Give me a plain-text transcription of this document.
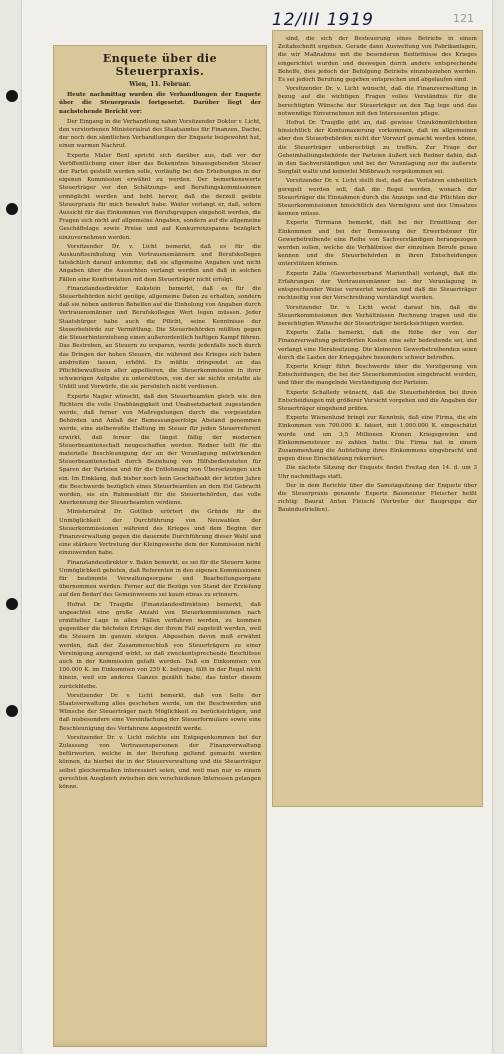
12/III 1919	121
Enquete über die Steuerpraxis.
Wien, 11. Februar.

Heute nachmittag wurden die Verhandlungen der Enquete über die Steuerpraxis fortgesetzt. Darüber liegt der nachstehende Bericht vor:

Der Eingang in die Verhandlung nahm Vorsitzender Doktor v. Licht, den verstorbenen Ministerialrat des Staatsamtes für Finanzen, Dacho, der noch den sämtlichen Verhandlungen der Enquete beigewohnt hat, einen warmen Nachruf.

Experte Maler Benl spricht sich darüber aus, daß vor der Veröffentlichung einer über das Bekenntnis hinausgehenden Steuer der Partei gestellt werden solle, vorläufig bei den Erhebungen in der eigenen Kommission erwähnt zu werden. Der bemerkenswerte Steuerträger vor den Schätzungs- und Berufungskommissionen ermöglicht werden und hebt hervor, daß die derzeit geübte Steuerpraxis für mich bewahrt habe. Weiter verlangt er, daß, sofern Aussicht für das Einkommen von Berufsgruppen eingeholt werden, die Fragen sich nicht auf allgemeine Angaben, sondern auf die allgemeine Geschäftslage sowie Preise und auf Konkurrenzspanne bezüglich einzuvernehmen werden.

Vorsitzender Dr. v. Licht bemerkt, daß es für die Auskunftseinholung von Vertrauensmännern und Berufskollegen tatsächlich darauf ankomme, daß sie allgemeine Angaben und nicht Angaben über die Aussichten verlangt werden und daß in solchen Fällen eine Konfrontation mit dem Steuerträger nicht erfolgt.

Finanzlandesdirektor Kokstein bemerkt, daß es für die Steuerbehörden nicht genüge, allgemeine Daten zu erhalten, sondern daß sie neben anderen Behelfen auf die Einholung von Angaben durch Vertrauensmänner und Berufskollegen Wert legen müssen. Jeder Staatsbürger habe auch die Pflicht, seine Kenntnisse der Steuerbehörde zur Vermittlung. Die Steuerbehörden müßten gegen die Steuerhinterziehung einen außerordentlich heftigen Kampf führen. Das Bestreben, an Steuern zu ersparen, werde jedenfalls noch durch das Dringen der hohen Steuern, die während des Krieges sich haben ansbreiten lassen, erhöht. Es müßte dringendst an das Pflichtbewußtsein aller appellieren, die Steuerkommission in ihrer schwierigen Aufgabe zu unterstützen, von der sie nichts erstatte als Unbill und Vorwürfe, die sie persönlich nicht verdienen.

Experte Nagler wünscht, daß den Steuerbeamten gleich wie den Richtern die volle Unabhängigkeit und Unabsetzbarkeit zugestanden werde, daß ferner von Maßregelungen durch die vorgesetzten Behörden und Anlaß der Bemessungserfolge Abstand genommen werde, eine zielbewußte Haltung im Steuer für jeden Steuerreferent erwirkt, daß ferner die längst fällig der modernen Steuerbeamtenschaft neugeschaffen werden. Redner teilt für die materielle Beschleunigung der an der Veranlagung mitwirkenden Steuerbeamtenschaft durch Beziehung von Hilfsbediensteten für Sparen der Parteien und für die Entlohnung von Übersetzungen sich ein. Im Einklang, daß bisher noch kein Geschäftsakt der letzten Jahre die Beschwerde bezüglich eines Steuerbeamten an dem Eid Gebracht worden, sie ein Ruhmesblatt für die Steuerbehörden, das volle Anerkennung der Steuerbeamten verdiene.

Ministerialrat Dr. Gottlieb erörtert die Gründe für die Unmöglichkeit der Durchführung von Neuwahlen der Steuerkommissionen während des Krieges und dem Beginn der Finanzverwaltung gegen die dauernde Durchführung dieser Wahl und eine stärkere Vertretung der Kleingewerbe dem der Kommission nicht einzuwenden habe.

Finanzlandesdirektor v. Bakin bemerkt, es sei für die Steuern keine Unmöglichkeit geboten, daß Referenten in den eigenen Kommissionen für bestimmte Verwaltungsorgane und Bearbeitungsorgane übernommen werden. Ferner auf die Bezüge von Stand der Erzielung auf den Bedarf des Gemeinwesens sei kaum etwas zu erinnern.

Hofrat Dr. Traujdle (Finanzlandesdirektion) bemerkt, daß ungeachtet eine große Anzahl von Steuerkommissionen nach ermittelter Lage in allen Fällen verfahren werden, zu kommen gegenüber die höchsten Erträge der ihrem Fall zugeteilt werden, weil die Steuern im ganzen steigen. Abgesehen davon muß erwähnt werden, daß der Zusammenschluß von Steuerträgern zu einer Vereinigung anregend wirkt, so daß zweckentsprechende Beschlüsse auch in der Kommission gefaßt werden. Daß ein Einkommen von 100.000 K. im Einkommen von 250 K. betrage, fällt in der Regel nicht hinein, weil ein anderes Ganzes gezählt habe, das hinter diesem zurückbleibe.

Vorsitzender Dr. v. Licht bemerkt, daß von Seite der Staatsverwaltung alles geschehen werde, um die Beschwerden und Wünsche der Steuerträger nach Möglichkeit zu berücksichtigen, und daß insbesondere eine Vereinfachung der Steuerformulare sowie eine Beschleunigung des Verfahrens angestrebt werde.

Vorsitzender Dr. v. Licht möchte ein Entgegenkommen bei der Zulassung von Vertrauenspersonen der Finanzverwaltung befürworten, welche in der Berufung geltend gemacht werden können, da hierbei die in der Steuerverwaltung und die Steuerträger selbst gleichermaßen interessiert seien, und weil man nur so einem gerechten Ausgleich zwischen den verschiedenen Interessen gelangen könne.

sind, die sich der Besteuerung eines Betriebs in einem Zeitabschnitt ergeben. Gerade dann Ausweitung von Fabrikanlagen, die wir Maßnahme mit die besonderen Bedürfnisse des Krieges eingerichtet wurden und deswegen durch andere entsprechende Behelfe, dies jedoch der Befolgung Betriebs einzubeziehen werden. Es sei jedoch Berufung gegeben entsprechen und abgelaufen sind.

Vorsitzender Dr. v. Licht wünscht, daß die Finanzverwaltung in bezug auf die wichtigen Fragen volles Verständnis für die berechtigten Wünsche der Steuerträger an den Tag lege und das notwendige Einvernehmen mit den Interessenten pflege.

Hofrat Dr. Traujdle gibt an, daß gewisse Unzukömmlichkeiten hinsichtlich der Kontumazierung vorkommen, daß im allgemeinen aber den Steuerbehörden nicht der Vorwurf gemacht werden könne, die Steuerträger unberechtigt zu treffen. Zur Frage der Geheimhaltungsbehörde der Parteien äußert sich Redner dahin, daß in den Sachverständigen und bei der Veranlagung nur die äußerste Sorgfalt walte und keinerlei Mißbrauch vorgekommen sei.

Vorsitzender Dr. v. Licht stellt fest, daß das Verfahren einheitlich geregelt werden soll, daß die Regel werden, wonach der Steuerträger die Einnahmen durch die Anzeige und die Pflichten der Steuerkommissionen hinsichtlich des Vermögens und des Umsatzes kennen müsse.

Experte Tirrmann bemerkt, daß bei der Ermittlung der Einkommen und bei der Bemessung der Erwerbsteuer für Gewerbetreibende eine Reihe von Sachverständigen herangezogen werden sollen, welche die Verhältnisse der einzelnen Berufe genau kennen und die Steuerbehörden in ihren Entscheidungen unterstützen können.

Experte Zalla (Gewerbeverband Marienthal) verlangt, daß die Erfahrungen der Vertrauensmänner bei der Veranlagung in entsprechender Weise verwertet werden und daß die Steuerträger rechtzeitig von der Vorschreibung verständigt werden.

Vorsitzender Dr. v. Licht weist darauf hin, daß die Steuerkommissionen den Verhältnissen Rechnung tragen und die berechtigten Wünsche der Steuerträger berücksichtigen werden.

Experte Zalla bemerkt, daß die Höhe der von der Finanzverwaltung geforderten Kosten eine sehr bedeutende sei, und verlangt eine Herabsetzung. Die kleineren Gewerbetreibenden seien durch die Lasten der Kriegsjahre besonders schwer betroffen.

Experte Kriegr führt Beschwerde über die Verzögerung von Entscheidungen, die bei der Steuerkommission eingebracht wurden, und über die mangelnde Verständigung der Parteien.

Experte Schalledy wünscht, daß die Steuerbehörden bei ihren Entscheidungen mit größerer Vorsicht vorgehen und die Angaben der Steuerträger eingehend prüfen.

Experte Wienenlund bringt zur Kenntnis, daß eine Firma, die ein Einkommen von 700.000 K. fatiert, mit 1,000.000 K. eingeschätzt wurde und um 3,5 Millionen Kronen Kriegsgewinn und Einkommensteuer zu zahlen hatte. Die Firma hat in einem Zusammenhang die Aufstellung ihres Einkommens eingebracht und gegen diese Einschätzung rekurriert.

Die nächste Sitzung der Enquete findet Freitag den 14. d. um 3 Uhr nachmittags statt.

Der in dem Berichte über die Samstagsitzung der Enquete über die Steuerpraxis genannte Experte Baumeister Fleischer heißt richtig: Baurat Anton Fleischl (Vertreter der Baugruppe der Bauindustriellen).
